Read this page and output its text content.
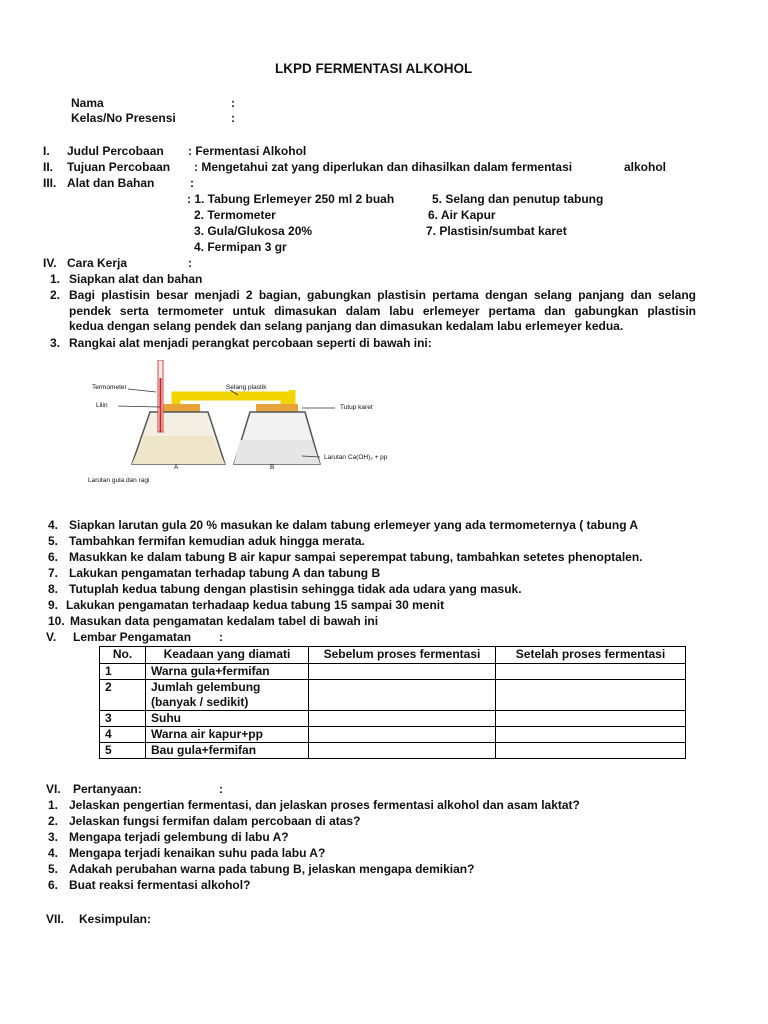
LKPD FERMENTASI ALKOHOL
Nama	:
Kelas/No Presensi	:
I. Judul Percobaan : Fermentasi Alkohol
II. Tujuan Percobaan : Mengetahui zat yang diperlukan dan dihasilkan dalam fermentasi	alkohol
III. Alat dan Bahan	:
: 1. Tabung Erlemeyer 250 ml 2 buah
2. Termometer
3. Gula/Glukosa 20%
4. Fermipan 3 gr
5. Selang dan penutup tabung
6. Air Kapur
7. Plastisin/sumbat karet
IV. Cara Kerja	:
1. Siapkan alat dan bahan
2. Bagi plastisin besar menjadi 2 bagian, gabungkan plastisin pertama dengan selang panjang dan selang
pendek serta termometer untuk dimasukan dalam labu erlemeyer pertama dan gabungkan plastisin
kedua dengan selang pendek dan selang panjang dan dimasukan kedalam labu erlemeyer kedua.
3. Rangkai alat menjadi perangkat percobaan seperti di bawah ini:
Termometer
Lilin
Selang plastik
Tutup karet
Larutan Ca(OH)₂ + pp
Larutan gula dan ragi
A	B
4. Siapkan larutan gula 20 % masukan ke dalam tabung erlemeyer yang ada termometernya ( tabung A
5. Tambahkan fermifan kemudian aduk hingga merata.
6. Masukkan ke dalam tabung B air kapur sampai seperempat tabung, tambahkan setetes phenoptalen.
7. Lakukan pengamatan terhadap tabung A dan tabung B
8. Tutuplah kedua tabung dengan plastisin sehingga tidak ada udara yang masuk.
9. Lakukan pengamatan terhadaap kedua tabung 15 sampai 30 menit
10. Masukan data pengamatan kedalam tabel di bawah ini
V. Lembar Pengamatan :
No.	Keadaan yang diamati	Sebelum proses fermentasi	Setelah proses fermentasi
1	Warna gula+fermifan		
2	Jumlah gelembung
(banyak / sedikit)		

3	Suhu		
4	Warna air kapur+pp		
5	Bau gula+fermifan		
VI. Pertanyaan:	:
1. Jelaskan pengertian fermentasi, dan jelaskan proses fermentasi alkohol dan asam laktat?
2. Jelaskan fungsi fermifan dalam percobaan di atas?
3. Mengapa terjadi gelembung di labu A?
4. Mengapa terjadi kenaikan suhu pada labu A?
5. Adakah perubahan warna pada tabung B, jelaskan mengapa demikian?
6. Buat reaksi fermentasi alkohol?
VII. Kesimpulan:
